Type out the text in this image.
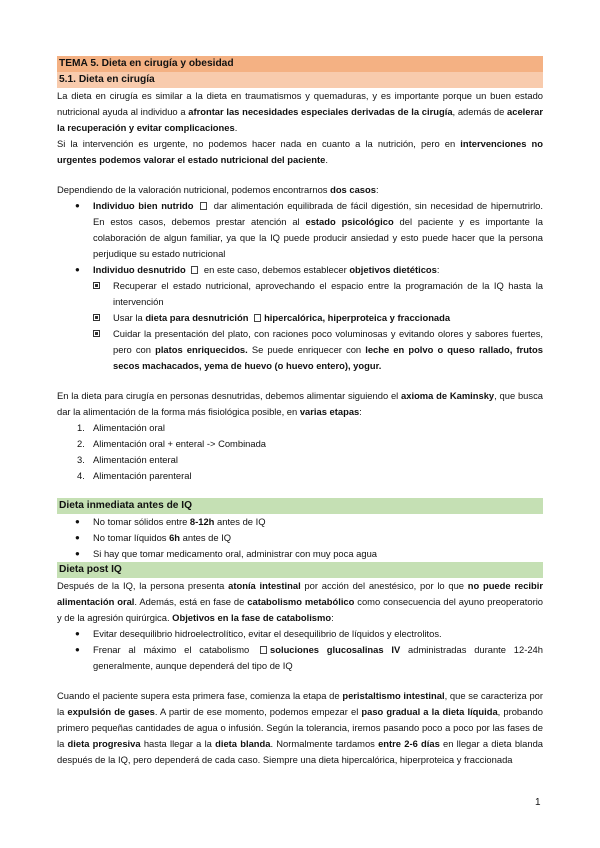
TEMA 5. Dieta en cirugía y obesidad
5.1. Dieta en cirugía

La dieta en cirugía es similar a la dieta en traumatismos y quemaduras, y es importante porque un buen estado nutricional ayuda al individuo a afrontar las necesidades especiales derivadas de la cirugía, además de acelerar la recuperación y evitar complicaciones.

Si la intervención es urgente, no podemos hacer nada en cuanto a la nutrición, pero en intervenciones no urgentes podemos valorar el estado nutricional del paciente.

Dependiendo de la valoración nutricional, podemos encontrarnos dos casos:

● Individuo bien nutrido  dar alimentación equilibrada de fácil digestión, sin necesidad de hipernutrirlo. En estos casos, debemos prestar atención al estado psicológico del paciente y es importante la colaboración de algun familiar, ya que la IQ puede producir ansiedad y esto puede hacer que la persona perjudique su estado nutricional
● Individuo desnutrido  en este caso, debemos establecer objetivos dietéticos:
Recuperar el estado nutricional, aprovechando el espacio entre la programación de la IQ hasta la intervención
Usar la dieta para desnutrición hipercalórica, hiperproteica y fraccionada
Cuidar la presentación del plato, con raciones poco voluminosas y evitando olores y sabores fuertes, pero con platos enriquecidos. Se puede enriquecer con leche en polvo o queso rallado, frutos secos machacados, yema de huevo (o huevo entero), yogur.

En la dieta para cirugía en personas desnutridas, debemos alimentar siguiendo el axioma de Kaminsky, que busca dar la alimentación de la forma más fisiológica posible, en varias etapas:

1. Alimentación oral
2. Alimentación oral + enteral -> Combinada
3. Alimentación enteral
4. Alimentación parenteral
Dieta inmediata antes de IQ
● No tomar sólidos entre 8-12h antes de IQ
● No tomar líquidos 6h antes de IQ
● Si hay que tomar medicamento oral, administrar con muy poca agua
Dieta post IQ

Después de la IQ, la persona presenta atonía intestinal por acción del anestésico, por lo que no puede recibir alimentación oral. Además, está en fase de catabolismo metabólico como consecuencia del ayuno preoperatorio y de la agresión quirúrgica. Objetivos en la fase de catabolismo:

● Evitar desequilibrio hidroelectrolítico, evitar el desequilibrio de líquidos y electrolitos.
● Frenar al máximo el catabolismo soluciones glucosalinas IV administradas durante 12-24h generalmente, aunque dependerá del tipo de IQ

Cuando el paciente supera esta primera fase, comienza la etapa de peristaltismo intestinal, que se caracteriza por la expulsión de gases. A partir de ese momento, podemos empezar el paso gradual a la dieta líquida, probando primero pequeñas cantidades de agua o infusión. Según la tolerancia, iremos pasando poco a poco por las fases de la dieta progresiva hasta llegar a la dieta blanda. Normalmente tardamos entre 2-6 días en llegar a dieta blanda después de la IQ, pero dependerá de cada caso. Siempre una dieta hipercalórica, hiperproteica y fraccionada

1
